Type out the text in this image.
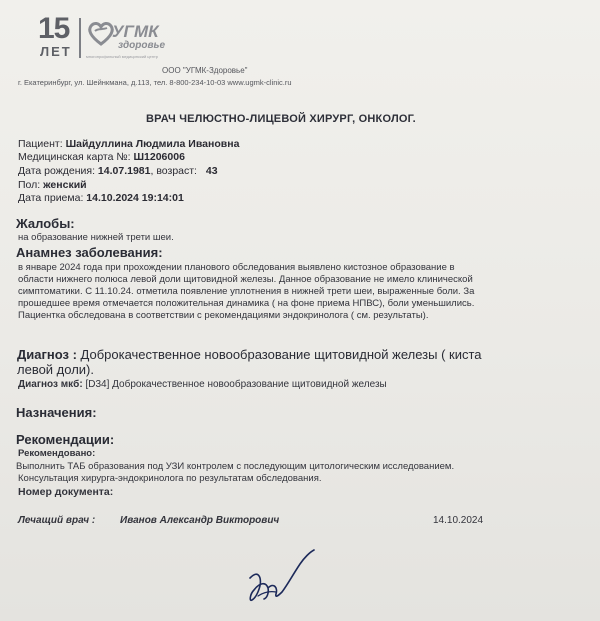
15
ЛЕТ
УГМК
здоровье
многопрофильный медицинский центр
ООО "УГМК-Здоровье"
г. Екатеринбург, ул. Шейнкмана, д.113, тел. 8-800-234-10-03 www.ugmk-clinic.ru
ВРАЧ ЧЕЛЮСТНО-ЛИЦЕВОЙ ХИРУРГ, ОНКОЛОГ.
Пациент: Шайдуллина Людмила Ивановна
Медицинская карта №: Ш1206006
Дата рождения: 14.07.1981, возраст: 43
Пол: женский
Дата приема: 14.10.2024 19:14:01
Жалобы:
на образование нижней трети шеи.
Анамнез заболевания:
в январе 2024 года при прохождении планового обследования выявлено кистозное образование в
области нижнего полюса левой доли щитовидной железы. Данное образование не имело клинической
симптоматики. С 11.10.24. отметила появление уплотнения в нижней трети шеи, выраженные боли. За
прошедшее время отмечается положительная динамика ( на фоне приема НПВС), боли уменьшились.
Пациентка обследована в соответствии с рекомендациями эндокринолога ( см. результаты).
Диагноз : Доброкачественное новообразование щитовидной железы ( киста
левой доли).
Диагноз мкб: [D34] Доброкачественное новообразование щитовидной железы
Назначения:
Рекомендации:
Рекомендовано:
Выполнить ТАБ образования под УЗИ контролем с последующим цитологическим исследованием.
Консультация хирурга-эндокринолога по результатам обследования.
Номер документа:
Лечащий врач : Иванов Александр Викторович	14.10.2024
